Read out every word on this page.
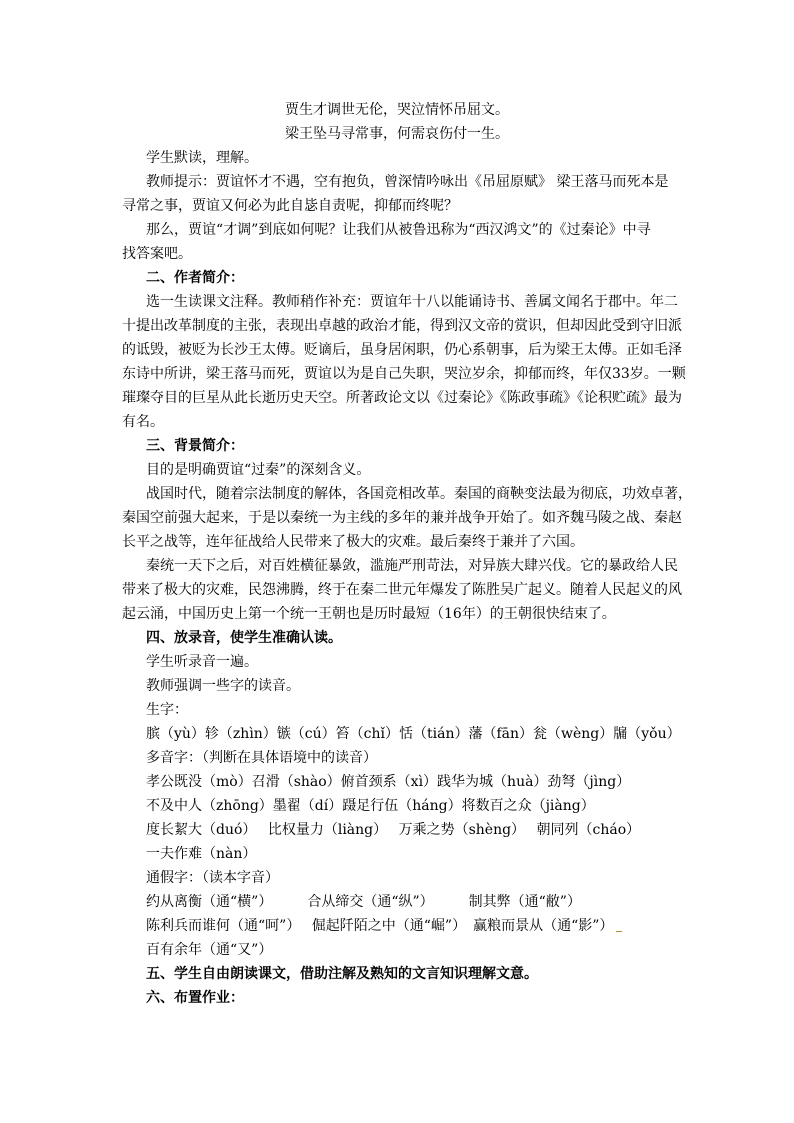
贾生才调世无伦，哭泣情怀吊屈文。
梁王坠马寻常事，何需哀伤付一生。
学生默读，理解。
教师提示：贾谊怀才不遇，空有抱负，曾深情吟咏出《吊屈原赋》 梁王落马而死本是
寻常之事，贾谊又何必为此自毖自责呢，抑郁而终呢？
那么，贾谊“才调”到底如何呢？让我们从被鲁迅称为“西汉鸿文”的《过秦论》中寻
找答案吧。
二、作者简介：
选一生读课文注释。教师稍作补充：贾谊年十八以能诵诗书、善属文闻名于郡中。年二
十提出改革制度的主张，表现出卓越的政治才能，得到汉文帝的赏识，但却因此受到守旧派
的诋毁，被贬为长沙王太傅。贬谪后，虽身居闲职，仍心系朝事，后为梁王太傅。正如毛泽
东诗中所讲，梁王落马而死，贾谊以为是自己失职，哭泣岁余，抑郁而终，年仅33岁。一颗
璀璨夺目的巨星从此长逝历史天空。所著政论文以《过秦论》《陈政事疏》《论积贮疏》最为
有名。
三、背景简介：
目的是明确贾谊“过秦”的深刻含义。
战国时代，随着宗法制度的解体，各国竞相改革。秦国的商鞅变法最为彻底，功效卓著，
秦国空前强大起来，于是以秦统一为主线的多年的兼并战争开始了。如齐魏马陵之战、秦赵
长平之战等，连年征战给人民带来了极大的灾难。最后秦终于兼并了六国。
秦统一天下之后，对百姓横征暴敛，滥施严刑苛法，对异族大肆兴伐。它的暴政给人民
带来了极大的灾难，民怨沸腾，终于在秦二世元年爆发了陈胜吴广起义。随着人民起义的风
起云涌，中国历史上第一个统一王朝也是历时最短（16年）的王朝很快结束了。
四、放录音，使学生准确认读。
学生听录音一遍。
教师强调一些字的读音。
生字：
膑（yù）轸（zhìn）镞（cú）笞（chǐ）恬（tián）藩（fān）瓮（wèng）牖（yǒu）
多音字：（判断在具体语境中的读音）
孝公既没（mò）召滑（shào）俯首颈系（xì）践华为城（huà）劲弩（jìng）
不及中人（zhōng）墨翟（dí）蹑足行伍（háng）将数百之众（jiàng）
度长絜大（duó）　 比权量力（liàng）　 万乘之势（shèng）　 朝同列（cháo）
一夫作难（nàn）
通假字：（读本字音）
约从离衡（通“横”）　　　合从缔交（通“纵”）　　　制其弊（通“敝”）
陈利兵而谁何（通“呵”）　 倔起阡陌之中（通“崛”）　赢粮而景从（通“影”）
百有余年（通“又”）
五、学生自由朗读课文，借助注解及熟知的文言知识理解文意。
六、布置作业：
